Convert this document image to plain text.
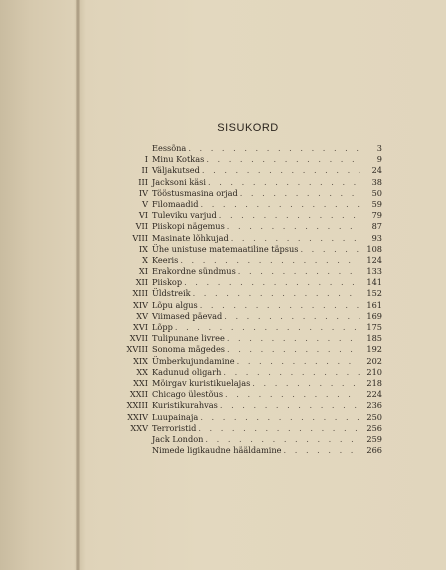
SISUKORD
Eessõna . . .	3
I Minu Kotkas . . .	9
II Väljakutsed . . .	24
III Jacksoni käsi . . .	38
IV Tööstusmasina orjad . . .	50
V Filomaadid . . .	59
VI Tuleviku varjud . . .	79
VII Piiskopi nägemus . . .	87
VIII Masinate lõhkujad . . .	93
IX Ühe unistuse matemaatiline täpsus . . .	108
X Keeris . . .	124
XI Erakordne sündmus . . .	133
XII Piiskop . . .	141
XIII Üldstreik . . .	152
XIV Lõpu algus . . .	161
XV Viimased päevad . . .	169
XVI Lõpp . . .	175
XVII Tulipunane livree . . .	185
XVIII Sonoma mägedes . . .	192
XIX Ümberkujundamine . . .	202
XX Kadunud oligarh . . .	210
XXI Möirgav kuristikuelajas . . .	218
XXII Chicago ülestõus . . .	224
XXIII Kuristikurahvas . . .	236
XXIV Luupainaja . . .	250
XXV Terroristid . . .	256
Jack London . . .	259
Nimede ligikaudne hääldamine . . .	266
